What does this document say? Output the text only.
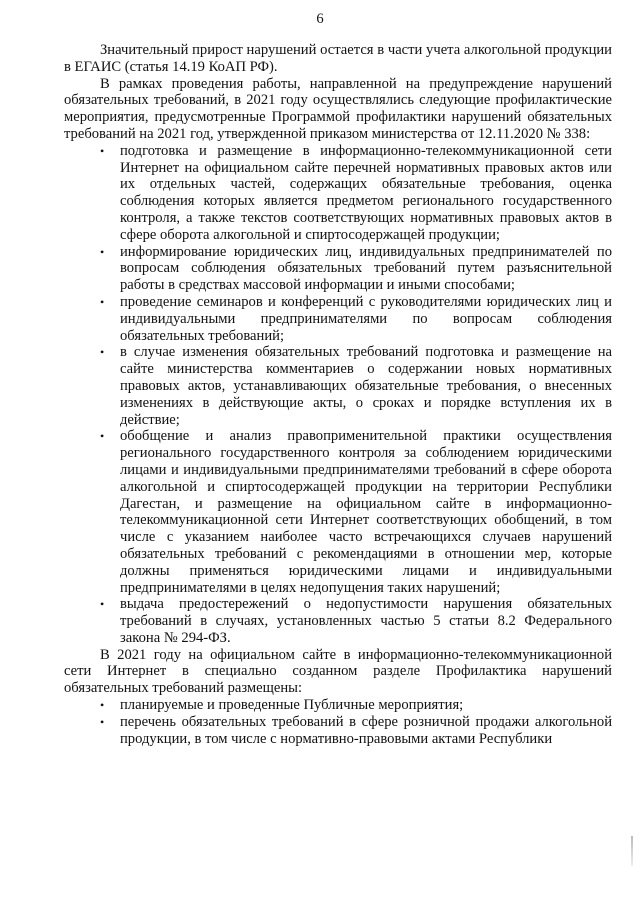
6

Значительный прирост нарушений остается в части учета алкогольной продукции в ЕГАИС (статья 14.19 КоАП РФ).

В рамках проведения работы, направленной на предупреждение нарушений обязательных требований, в 2021 году осуществлялись следующие профилактические мероприятия, предусмотренные Программой профилактики нарушений обязательных требований на 2021 год, утвержденной приказом министерства от 12.11.2020 № 338:

• подготовка и размещение в информационно-телекоммуникационной сети Интернет на официальном сайте перечней нормативных правовых актов или их отдельных частей, содержащих обязательные требования, оценка соблюдения которых является предметом регионального государственного контроля, а также текстов соответствующих нормативных правовых актов в сфере оборота алкогольной и спиртосодержащей продукции;
• информирование юридических лиц, индивидуальных предпринимателей по вопросам соблюдения обязательных требований путем разъяснительной работы в средствах массовой информации и иными способами;
• проведение семинаров и конференций с руководителями юридических лиц и индивидуальными предпринимателями по вопросам соблюдения обязательных требований;
• в случае изменения обязательных требований подготовка и размещение на сайте министерства комментариев о содержании новых нормативных правовых актов, устанавливающих обязательные требования, о внесенных изменениях в действующие акты, о сроках и порядке вступления их в действие;
• обобщение и анализ правоприменительной практики осуществления регионального государственного контроля за соблюдением юридическими лицами и индивидуальными предпринимателями требований в сфере оборота алкогольной и спиртосодержащей продукции на территории Республики Дагестан, и размещение на официальном сайте в информационно-телекоммуникационной сети Интернет соответствующих обобщений, в том числе с указанием наиболее часто встречающихся случаев нарушений обязательных требований с рекомендациями в отношении мер, которые должны применяться юридическими лицами и индивидуальными предпринимателями в целях недопущения таких нарушений;
• выдача предостережений о недопустимости нарушения обязательных требований в случаях, установленных частью 5 статьи 8.2 Федерального закона № 294-ФЗ.

В 2021 году на официальном сайте в информационно-телекоммуникационной сети Интернет в специально созданном разделе Профилактика нарушений обязательных требований размещены:

• планируемые и проведенные Публичные мероприятия;
• перечень обязательных требований в сфере розничной продажи алкогольной продукции, в том числе с нормативно-правовыми актами Республики
